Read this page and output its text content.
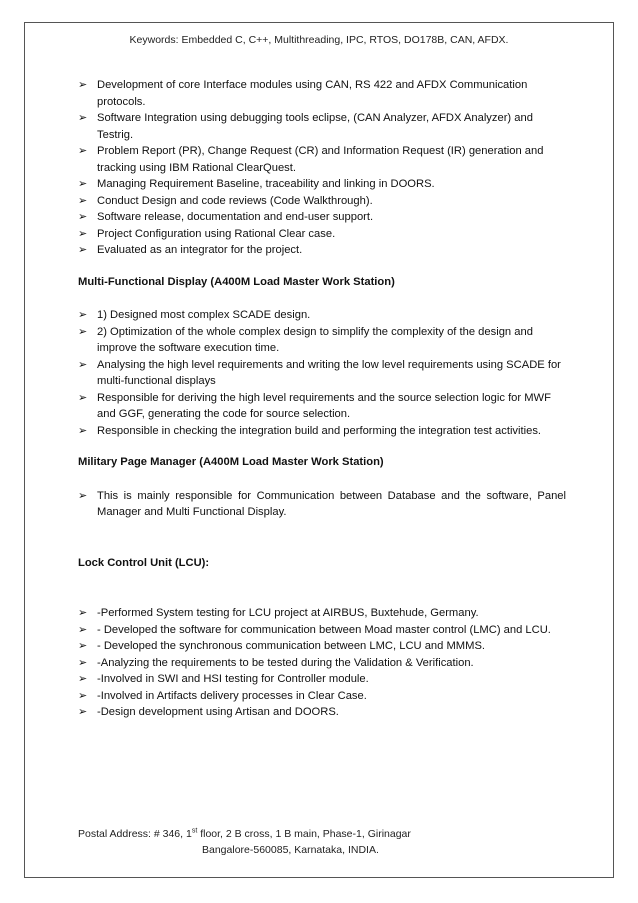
Keywords: Embedded C, C++, Multithreading, IPC, RTOS, DO178B, CAN, AFDX.
➢ Development of core Interface modules using CAN, RS 422 and AFDX Communication protocols.
➢ Software Integration using debugging tools eclipse, (CAN Analyzer, AFDX Analyzer) and Testrig.
➢ Problem Report (PR), Change Request (CR) and Information Request (IR) generation and tracking using IBM Rational ClearQuest.
➢ Managing Requirement Baseline, traceability and linking in DOORS.
➢ Conduct Design and code reviews (Code Walkthrough).
➢ Software release, documentation and end-user support.
➢ Project Configuration using Rational Clear case.
➢ Evaluated as an integrator for the project.

Multi-Functional Display (A400M Load Master Work Station)

➢ 1) Designed most complex SCADE design.
➢ 2) Optimization of the whole complex design to simplify the complexity of the design and improve the software execution time.
➢ Analysing the high level requirements and writing the low level requirements using SCADE for multi-functional displays
➢ Responsible for deriving the high level requirements and the source selection logic for MWF and GGF, generating the code for source selection.
➢ Responsible in checking the integration build and performing the integration test activities.

Military Page Manager (A400M Load Master Work Station)

➢ This is mainly responsible for Communication between Database and the software, Panel Manager and Multi Functional Display.

Lock Control Unit (LCU):

➢ -Performed System testing for LCU project at AIRBUS, Buxtehude, Germany.
➢ - Developed the software for communication between Moad master control (LMC) and LCU.
➢ - Developed the synchronous communication between LMC, LCU and MMMS.
➢ -Analyzing the requirements to be tested during the Validation & Verification.
➢ -Involved in SWI and HSI testing for Controller module.
➢ -Involved in Artifacts delivery processes in Clear Case.
➢ -Design development using Artisan and DOORS.
Postal Address: # 346, 1st floor, 2 B cross, 1 B main, Phase-1, Girinagar
Bangalore-560085, Karnataka, INDIA.
